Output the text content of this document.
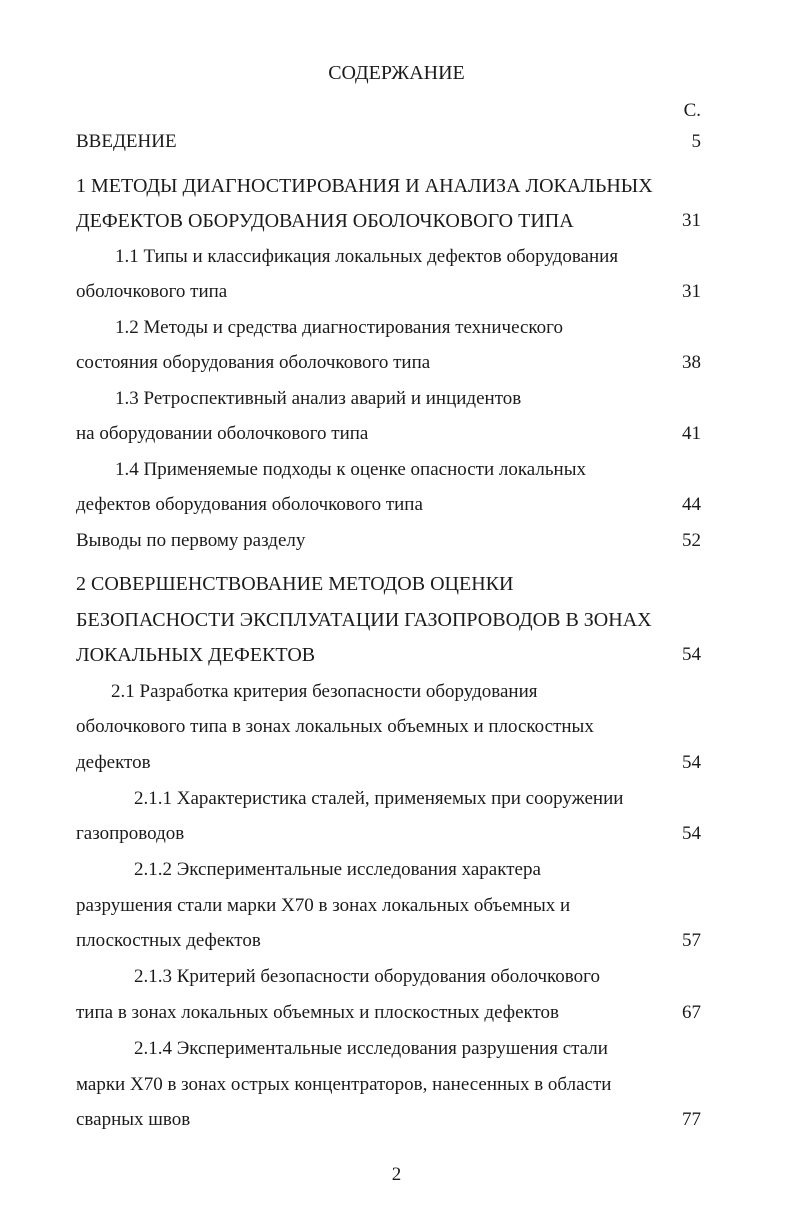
СОДЕРЖАНИЕ
С.
ВВЕДЕНИЕ	5
1 МЕТОДЫ ДИАГНОСТИРОВАНИЯ И АНАЛИЗА ЛОКАЛЬНЫХ
ДЕФЕКТОВ ОБОРУДОВАНИЯ ОБОЛОЧКОВОГО ТИПА	31
1.1 Типы и классификация локальных дефектов оборудования
оболочкового типа	31
1.2 Методы и средства диагностирования технического
состояния оборудования оболочкового типа	38
1.3 Ретроспективный анализ аварий и инцидентов
на оборудовании оболочкового типа	41
1.4 Применяемые подходы к оценке опасности локальных
дефектов оборудования оболочкового типа	44
Выводы по первому разделу	52
2 СОВЕРШЕНСТВОВАНИЕ МЕТОДОВ ОЦЕНКИ
БЕЗОПАСНОСТИ ЭКСПЛУАТАЦИИ ГАЗОПРОВОДОВ В ЗОНАХ
ЛОКАЛЬНЫХ ДЕФЕКТОВ	54
2.1 Разработка критерия безопасности оборудования
оболочкового типа в зонах локальных объемных и плоскостных
дефектов	54
2.1.1 Характеристика сталей, применяемых при сооружении
газопроводов	54
2.1.2 Экспериментальные исследования характера
разрушения стали марки Х70 в зонах локальных объемных и
плоскостных дефектов	57
2.1.3 Критерий безопасности оборудования оболочкового
типа в зонах локальных объемных и плоскостных дефектов	67
2.1.4 Экспериментальные исследования разрушения стали
марки Х70 в зонах острых концентраторов, нанесенных в области
сварных швов	77
2
